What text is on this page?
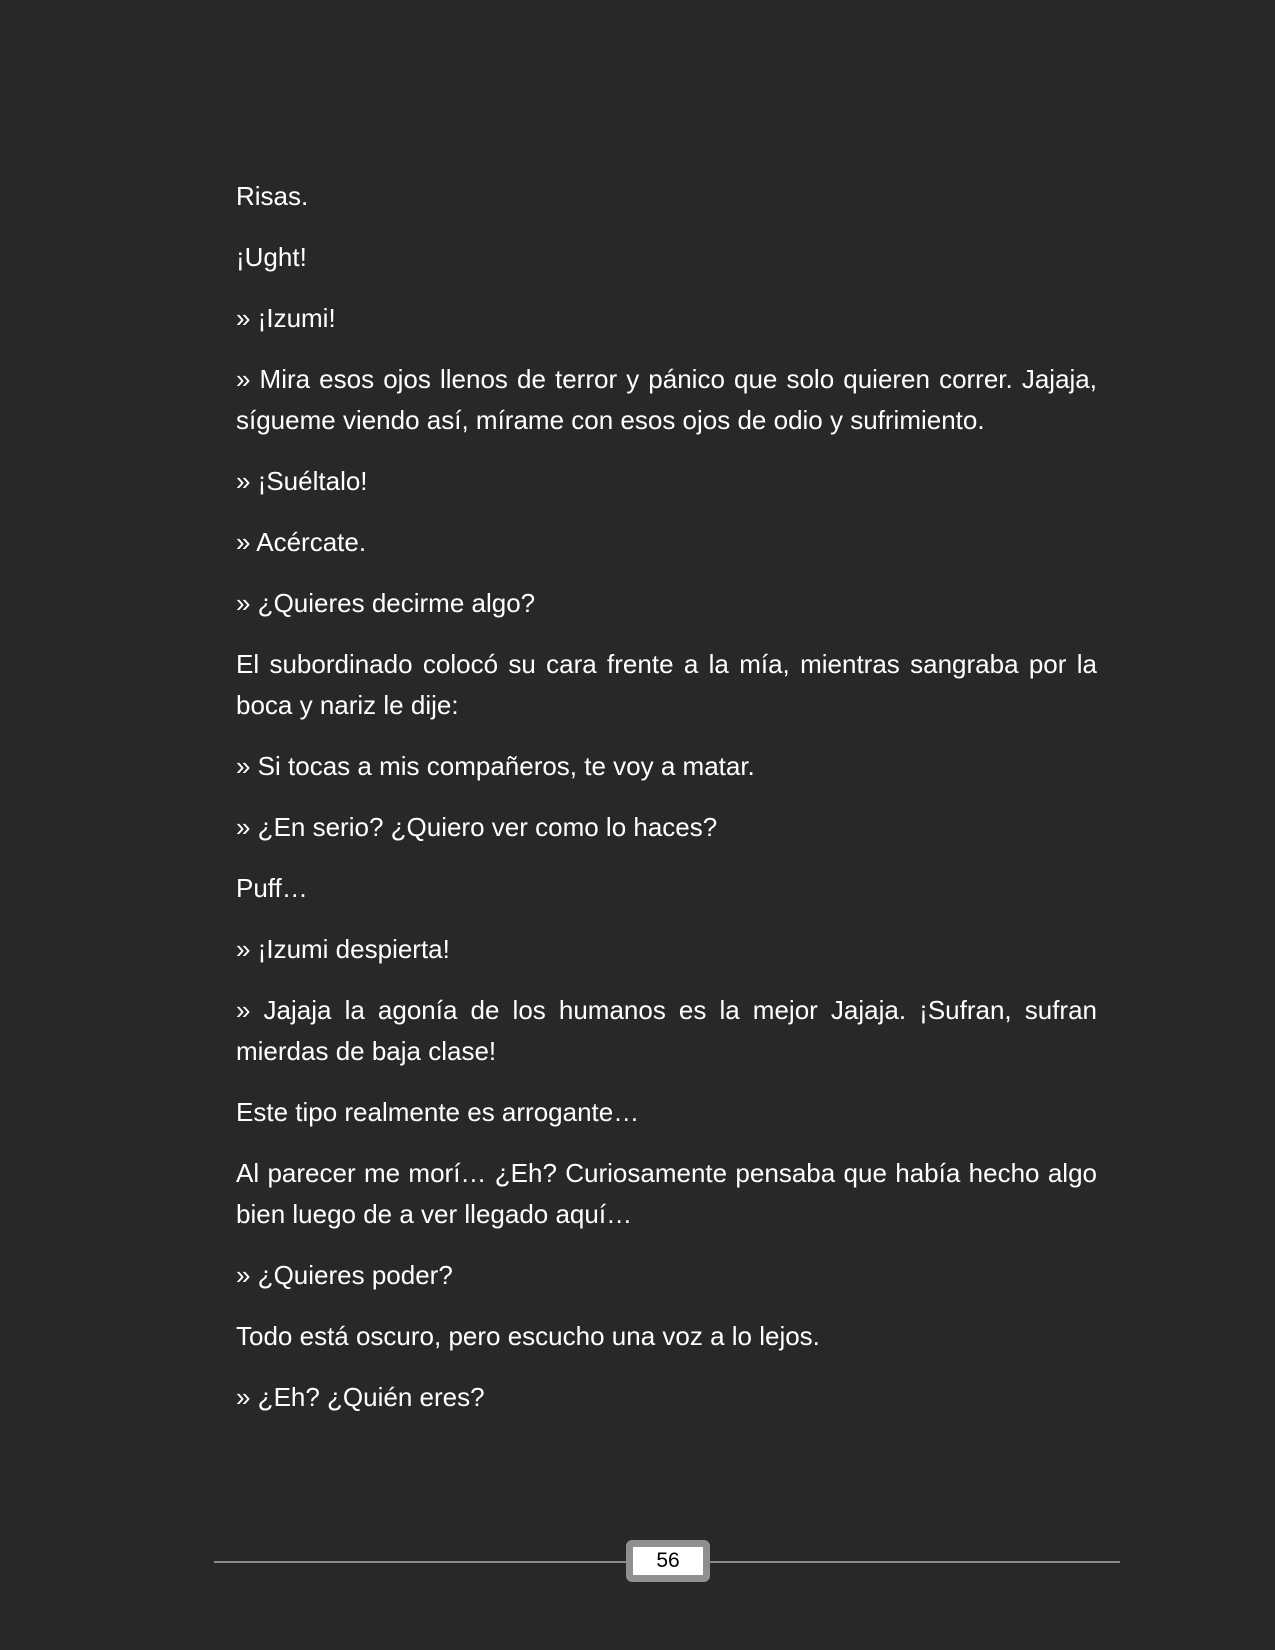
Risas.

¡Ught!

» ¡Izumi!

» Mira esos ojos llenos de terror y pánico que solo quieren correr. Jajaja, sígueme viendo así, mírame con esos ojos de odio y sufrimiento.

» ¡Suéltalo!

» Acércate.

» ¿Quieres decirme algo?

El subordinado colocó su cara frente a la mía, mientras sangraba por la boca y nariz le dije:

» Si tocas a mis compañeros, te voy a matar.

» ¿En serio? ¿Quiero ver como lo haces?

Puff…

» ¡Izumi despierta!

» Jajaja la agonía de los humanos es la mejor Jajaja. ¡Sufran, sufran mierdas de baja clase!

Este tipo realmente es arrogante…

Al parecer me morí… ¿Eh? Curiosamente pensaba que había hecho algo bien luego de a ver llegado aquí…

» ¿Quieres poder?

Todo está oscuro, pero escucho una voz a lo lejos.

» ¿Eh? ¿Quién eres?

56
